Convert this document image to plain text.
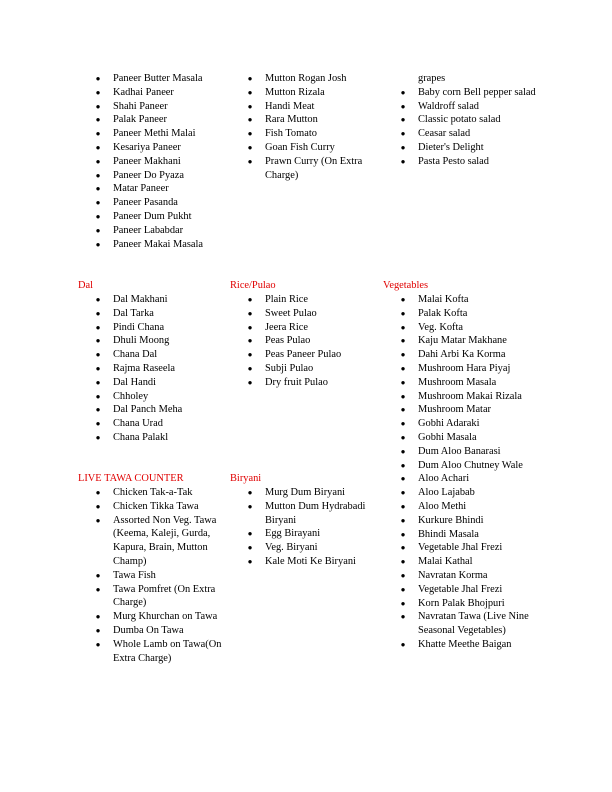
● Paneer Butter Masala
● Kadhai Paneer
● Shahi Paneer
● Palak Paneer
● Paneer Methi Malai
● Kesariya Paneer
● Paneer Makhani
● Paneer Do Pyaza
● Matar Paneer
● Paneer Pasanda
● Paneer Dum Pukht
● Paneer Lababdar
● Paneer Makai Masala
● Mutton Rogan Josh
● Mutton Rizala
● Handi Meat
● Rara Mutton
● Fish Tomato
● Goan Fish Curry
● Prawn Curry (On Extra Charge)
grapes
● Baby corn Bell pepper salad
● Waldroff salad
● Classic potato salad
● Ceasar salad
● Dieter's Delight
● Pasta Pesto salad
Dal
● Dal Makhani
● Dal Tarka
● Pindi Chana
● Dhuli Moong
● Chana Dal
● Rajma Raseela
● Dal Handi
● Chholey
● Dal Panch Meha
● Chana Urad
● Chana Palakl
Rice/Pulao
● Plain Rice
● Sweet Pulao
● Jeera Rice
● Peas Pulao
● Peas Paneer Pulao
● Subji Pulao
● Dry fruit Pulao
Vegetables
● Malai Kofta
● Palak Kofta
● Veg. Kofta
● Kaju Matar Makhane
● Dahi Arbi Ka Korma
● Mushroom Hara Piyaj
● Mushroom Masala
● Mushroom Makai Rizala
● Mushroom Matar
● Gobhi Adaraki
● Gobhi Masala
● Dum Aloo Banarasi
● Dum Aloo Chutney Wale
● Aloo Achari
● Aloo Lajabab
● Aloo Methi
● Kurkure Bhindi
● Bhindi Masala
● Vegetable Jhal Frezi
● Malai Kathal
● Navratan Korma
● Vegetable Jhal Frezi
● Korn Palak Bhojpuri
● Navratan Tawa (Live Nine Seasonal Vegetables)
● Khatte Meethe Baigan
LIVE TAWA COUNTER
● Chicken Tak-a-Tak
● Chicken Tikka Tawa
● Assorted Non Veg. Tawa (Keema, Kaleji, Gurda, Kapura, Brain, Mutton Champ)
● Tawa Fish
● Tawa Pomfret (On Extra Charge)
● Murg Khurchan on Tawa
● Dumba On Tawa
● Whole Lamb on Tawa(On Extra Charge)
Biryani
● Murg Dum Biryani
● Mutton Dum Hydrabadi Biryani
● Egg Birayani
● Veg. Biryani
● Kale Moti Ke Biryani
